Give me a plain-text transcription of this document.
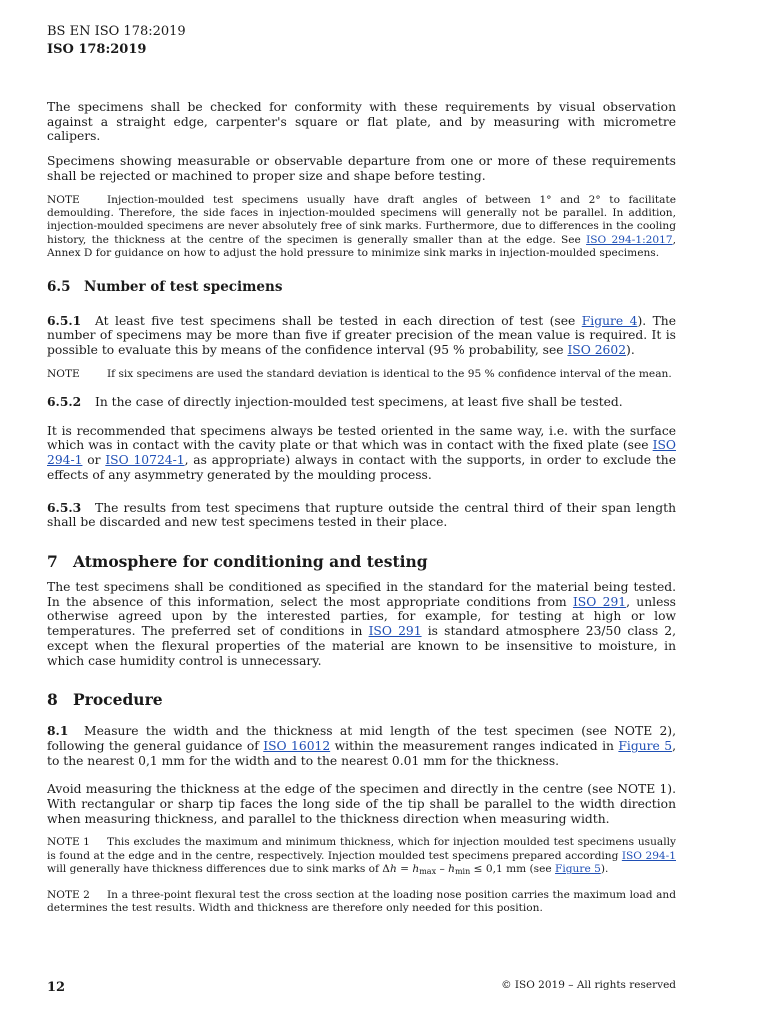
BS EN ISO 178:2019
ISO 178:2019

The specimens shall be checked for conformity with these requirements by visual observation against a straight edge, carpenter's square or flat plate, and by measuring with micrometre calipers.

Specimens showing measurable or observable departure from one or more of these requirements shall be rejected or machined to proper size and shape before testing.

NOTE	Injection-moulded test specimens usually have draft angles of between 1° and 2° to facilitate demoulding. Therefore, the side faces in injection-moulded specimens will generally not be parallel. In addition, injection-moulded specimens are never absolutely free of sink marks. Furthermore, due to differences in the cooling history, the thickness at the centre of the specimen is generally smaller than at the edge. See ISO 294-1:2017, Annex D for guidance on how to adjust the hold pressure to minimize sink marks in injection-moulded specimens.

6.5 Number of test specimens

6.5.1 At least five test specimens shall be tested in each direction of test (see Figure 4). The number of specimens may be more than five if greater precision of the mean value is required. It is possible to evaluate this by means of the confidence interval (95 % probability, see ISO 2602).

NOTE	If six specimens are used the standard deviation is identical to the 95 % confidence interval of the mean.

6.5.2 In the case of directly injection-moulded test specimens, at least five shall be tested.

It is recommended that specimens always be tested oriented in the same way, i.e. with the surface which was in contact with the cavity plate or that which was in contact with the fixed plate (see ISO 294-1 or ISO 10724-1, as appropriate) always in contact with the supports, in order to exclude the effects of any asymmetry generated by the moulding process.

6.5.3 The results from test specimens that rupture outside the central third of their span length shall be discarded and new test specimens tested in their place.

7 Atmosphere for conditioning and testing

The test specimens shall be conditioned as specified in the standard for the material being tested. In the absence of this information, select the most appropriate conditions from ISO 291, unless otherwise agreed upon by the interested parties, for example, for testing at high or low temperatures. The preferred set of conditions in ISO 291 is standard atmosphere 23/50 class 2, except when the flexural properties of the material are known to be insensitive to moisture, in which case humidity control is unnecessary.

8 Procedure

8.1 Measure the width and the thickness at mid length of the test specimen (see NOTE 2), following the general guidance of ISO 16012 within the measurement ranges indicated in Figure 5, to the nearest 0,1 mm for the width and to the nearest 0.01 mm for the thickness.

Avoid measuring the thickness at the edge of the specimen and directly in the centre (see NOTE 1). With rectangular or sharp tip faces the long side of the tip shall be parallel to the width direction when measuring thickness, and parallel to the thickness direction when measuring width.

NOTE 1 This excludes the maximum and minimum thickness, which for injection moulded test specimens usually is found at the edge and in the centre, respectively. Injection moulded test specimens prepared according ISO 294-1 will generally have thickness differences due to sink marks of $\Delta h = h_{max} - h_{min} \le 0,1$ mm (see Figure 5).

NOTE 2 In a three-point flexural test the cross section at the loading nose position carries the maximum load and determines the test results. Width and thickness are therefore only needed for this position.

12	© ISO 2019 – All rights reserved
